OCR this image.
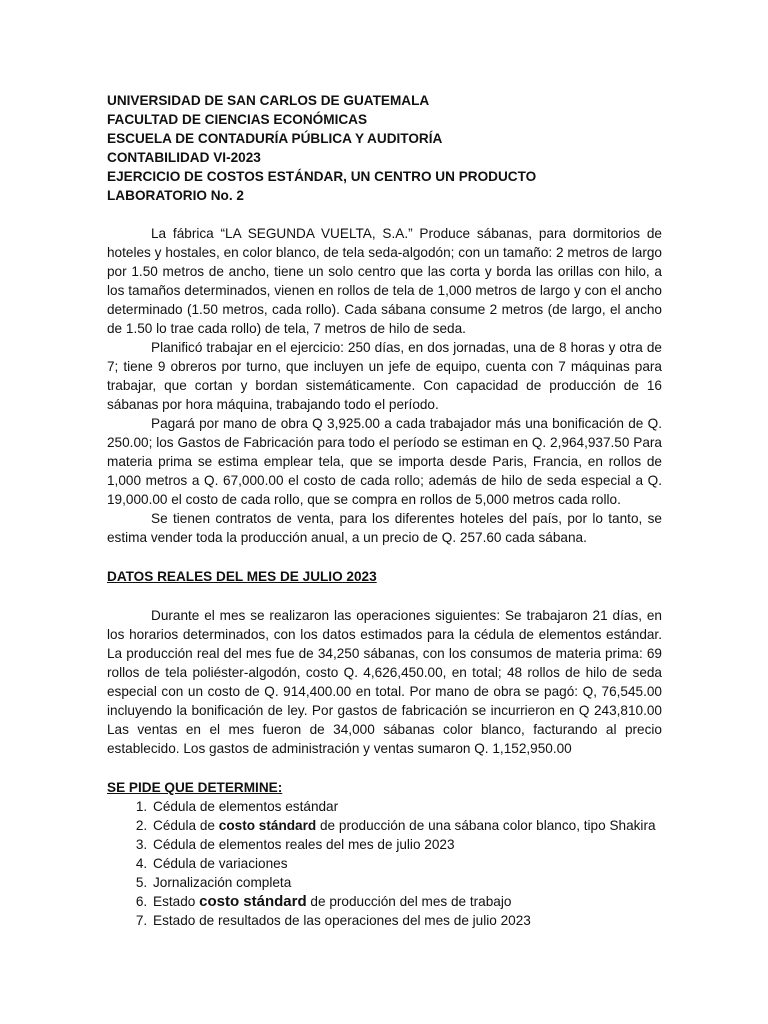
UNIVERSIDAD DE SAN CARLOS DE GUATEMALA

FACULTAD DE CIENCIAS ECONÓMICAS

ESCUELA DE CONTADURÍA PÚBLICA Y AUDITORÍA

CONTABILIDAD VI-2023

EJERCICIO DE COSTOS ESTÁNDAR, UN CENTRO UN PRODUCTO

LABORATORIO No. 2

La fábrica “LA SEGUNDA VUELTA, S.A.” Produce sábanas, para dormitorios de hoteles y hostales, en color blanco, de tela seda-algodón; con un tamaño: 2 metros de largo por 1.50 metros de ancho, tiene un solo centro que las corta y borda las orillas con hilo, a los tamaños determinados, vienen en rollos de tela de 1,000 metros de largo y con el ancho determinado (1.50 metros, cada rollo). Cada sábana consume 2 metros (de largo, el ancho de 1.50 lo trae cada rollo) de tela, 7 metros de hilo de seda.

Planificó trabajar en el ejercicio: 250 días, en dos jornadas, una de 8 horas y otra de 7; tiene 9 obreros por turno, que incluyen un jefe de equipo, cuenta con 7 máquinas para trabajar, que cortan y bordan sistemáticamente. Con capacidad de producción de 16 sábanas por hora máquina, trabajando todo el período.

Pagará por mano de obra Q 3,925.00 a cada trabajador más una bonificación de Q. 250.00; los Gastos de Fabricación para todo el período se estiman en Q. 2,964,937.50 Para materia prima se estima emplear tela, que se importa desde Paris, Francia, en rollos de 1,000 metros a Q. 67,000.00 el costo de cada rollo; además de hilo de seda especial a Q. 19,000.00 el costo de cada rollo, que se compra en rollos de 5,000 metros cada rollo.

Se tienen contratos de venta, para los diferentes hoteles del país, por lo tanto, se estima vender toda la producción anual, a un precio de Q. 257.60 cada sábana.

DATOS REALES DEL MES DE JULIO 2023

Durante el mes se realizaron las operaciones siguientes: Se trabajaron 21 días, en los horarios determinados, con los datos estimados para la cédula de elementos estándar. La producción real del mes fue de 34,250 sábanas, con los consumos de materia prima: 69 rollos de tela poliéster-algodón, costo Q. 4,626,450.00, en total; 48 rollos de hilo de seda especial con un costo de Q. 914,400.00 en total. Por mano de obra se pagó: Q, 76,545.00 incluyendo la bonificación de ley. Por gastos de fabricación se incurrieron en Q 243,810.00 Las ventas en el mes fueron de 34,000 sábanas color blanco, facturando al precio establecido. Los gastos de administración y ventas sumaron Q. 1,152,950.00

SE PIDE QUE DETERMINE:

1. Cédula de elementos estándar
2. Cédula de costo stándard de producción de una sábana color blanco, tipo Shakira
3. Cédula de elementos reales del mes de julio 2023
4. Cédula de variaciones
5. Jornalización completa
6. Estado costo stándard de producción del mes de trabajo
7. Estado de resultados de las operaciones del mes de julio 2023
